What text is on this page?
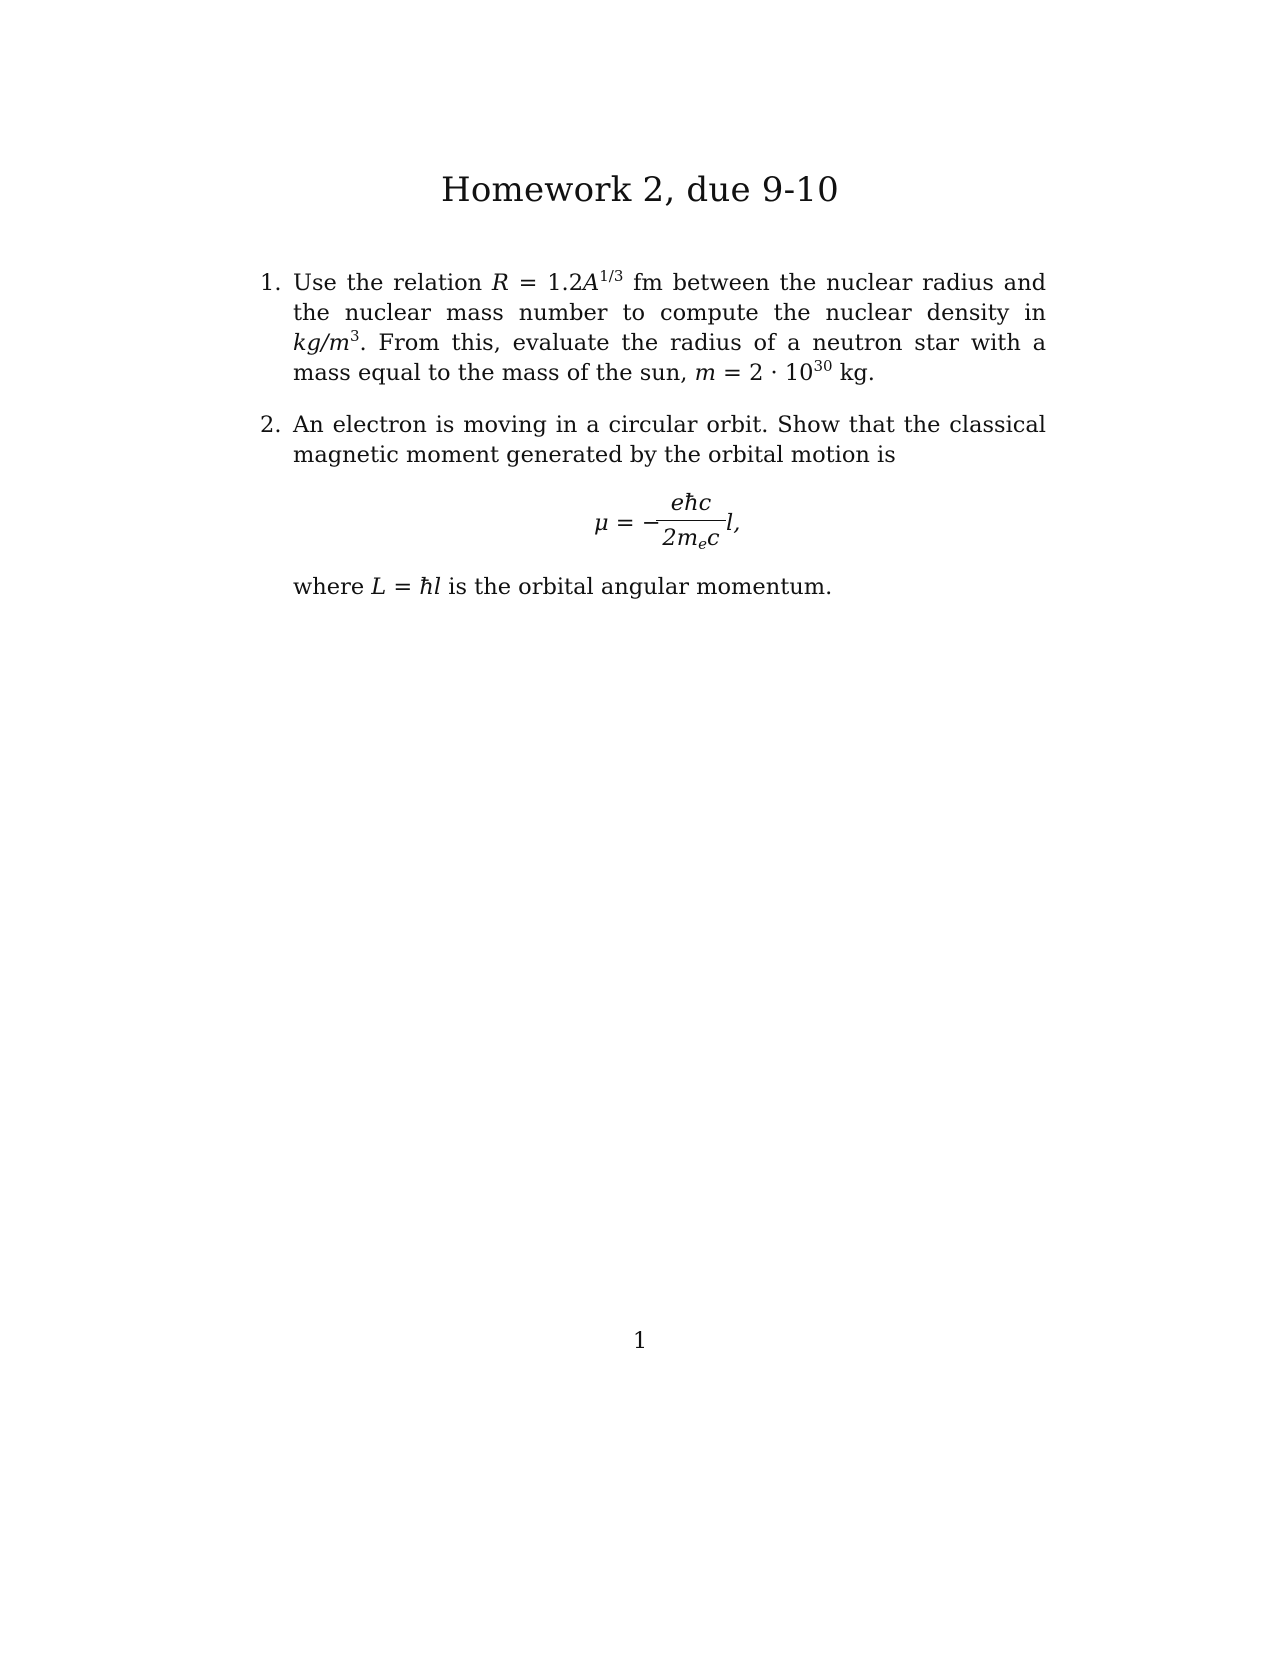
Homework 2, due 9-10
1. Use the relation $R = 1.2A^{1/3}$ fm between the nuclear radius and the nuclear mass number to compute the nuclear density in $kg/m^3$. From this, evaluate the radius of a neutron star with a mass equal to the mass of the sun, $m = 2 \cdot 10^{30}$ kg.
2. An electron is moving in a circular orbit. Show that the classical magnetic moment generated by the orbital motion is
μ = −
eħc
$2m_ec$
l,
where L = ħl is the orbital angular momentum.
1
